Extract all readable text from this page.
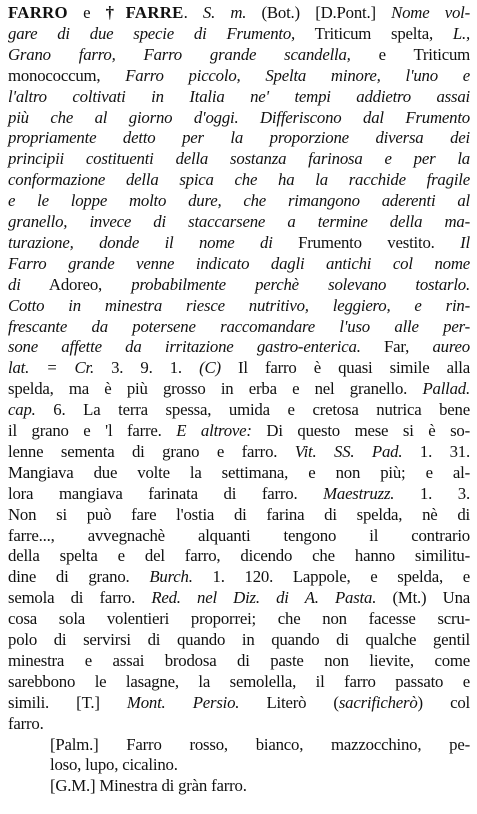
FARRO e †FARRE. S. m. (Bot.) [D.Pont.] Nome vol-
gare di due specie di Frumento, Triticum spelta, L.,
Grano farro, Farro grande scandella, e Triticum
monococcum, Farro piccolo, Spelta minore, l'uno e
l'altro coltivati in Italia ne' tempi addietro assai
più che al giorno d'oggi. Differiscono dal Frumento
propriamente detto per la proporzione diversa dei
principii costituenti della sostanza farinosa e per la
conformazione della spica che ha la racchide fragile
e le loppe molto dure, che rimangono aderenti al
granello, invece di staccarsene a termine della ma-
turazione, donde il nome di Frumento vestito. Il
Farro grande venne indicato dagli antichi col nome
di Adoreo, probabilmente perchè solevano tostarlo.
Cotto in minestra riesce nutritivo, leggiero, e rin-
frescante da potersene raccomandare l'uso alle per-
sone affette da irritazione gastro-enterica. Far, aureo
lat. = Cr. 3. 9. 1. (C) Il farro è quasi simile alla
spelda, ma è più grosso in erba e nel granello. Pallad.
cap. 6. La terra spessa, umida e cretosa nutrica bene
il grano e 'l farre. E altrove: Di questo mese si è so-
lenne sementa di grano e farro. Vit. SS. Pad. 1. 31.
Mangiava due volte la settimana, e non più; e al-
lora mangiava farinata di farro. Maestruzz. 1. 3.
Non si può fare l'ostia di farina di spelda, nè di
farre..., avvegnachè alquanti tengono il contrario
della spelta e del farro, dicendo che hanno similitu-
dine di grano. Burch. 1. 120. Lappole, e spelda, e
semola di farro. Red. nel Diz. di A. Pasta. (Mt.) Una
cosa sola volentieri proporrei; che non facesse scru-
polo di servirsi di quando in quando di qualche gentil
minestra e assai brodosa di paste non lievite, come
sarebbono le lasagne, la semolella, il farro passato e
simili. [T.] Mont. Persio. Literò (sacrificherò) col
farro.
[Palm.] Farro rosso, bianco, mazzocchino, pe-
loso, lupo, cicalino.
[G.M.] Minestra di gràn farro.
